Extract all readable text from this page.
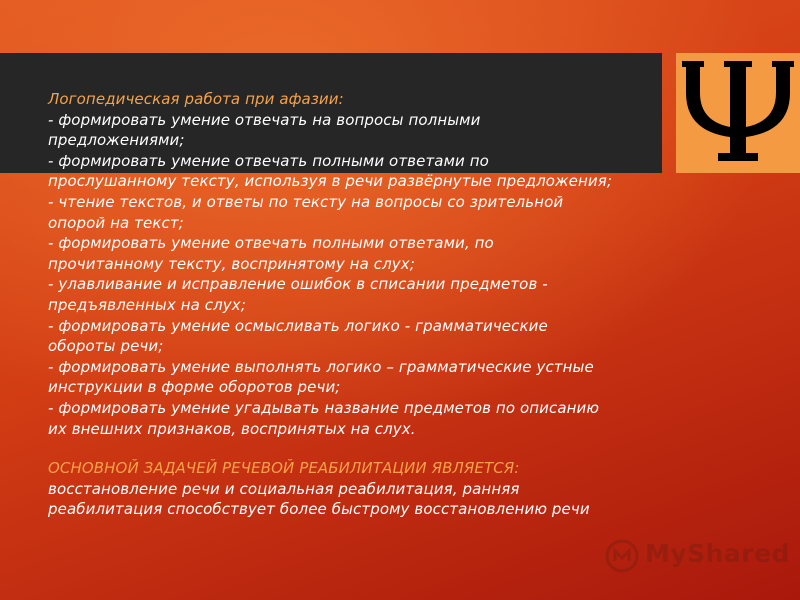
Логопедическая работа при афазии:
- формировать умение отвечать на вопросы полными
предложениями;
- формировать умение отвечать полными ответами по
прослушанному тексту, используя в речи развёрнутые предложения;
- чтение текстов, и ответы по тексту на вопросы со зрительной
опорой на текст;
- формировать умение отвечать полными ответами, по
прочитанному тексту, воспринятому на слух;
- улавливание и исправление ошибок в списании предметов -
предъявленных на слух;
- формировать умение осмысливать логико - грамматические
обороты речи;
- формировать умение выполнять логико – грамматические устные
инструкции в форме оборотов речи;
- формировать умение угадывать название предметов по описанию
их внешних признаков, воспринятых на слух.
ОСНОВНОЙ ЗАДАЧЕЙ РЕЧЕВОЙ РЕАБИЛИТАЦИИ ЯВЛЯЕТСЯ:
восстановление речи и социальная реабилитация, ранняя
реабилитация способствует более быстрому восстановлению речи
MyShared
